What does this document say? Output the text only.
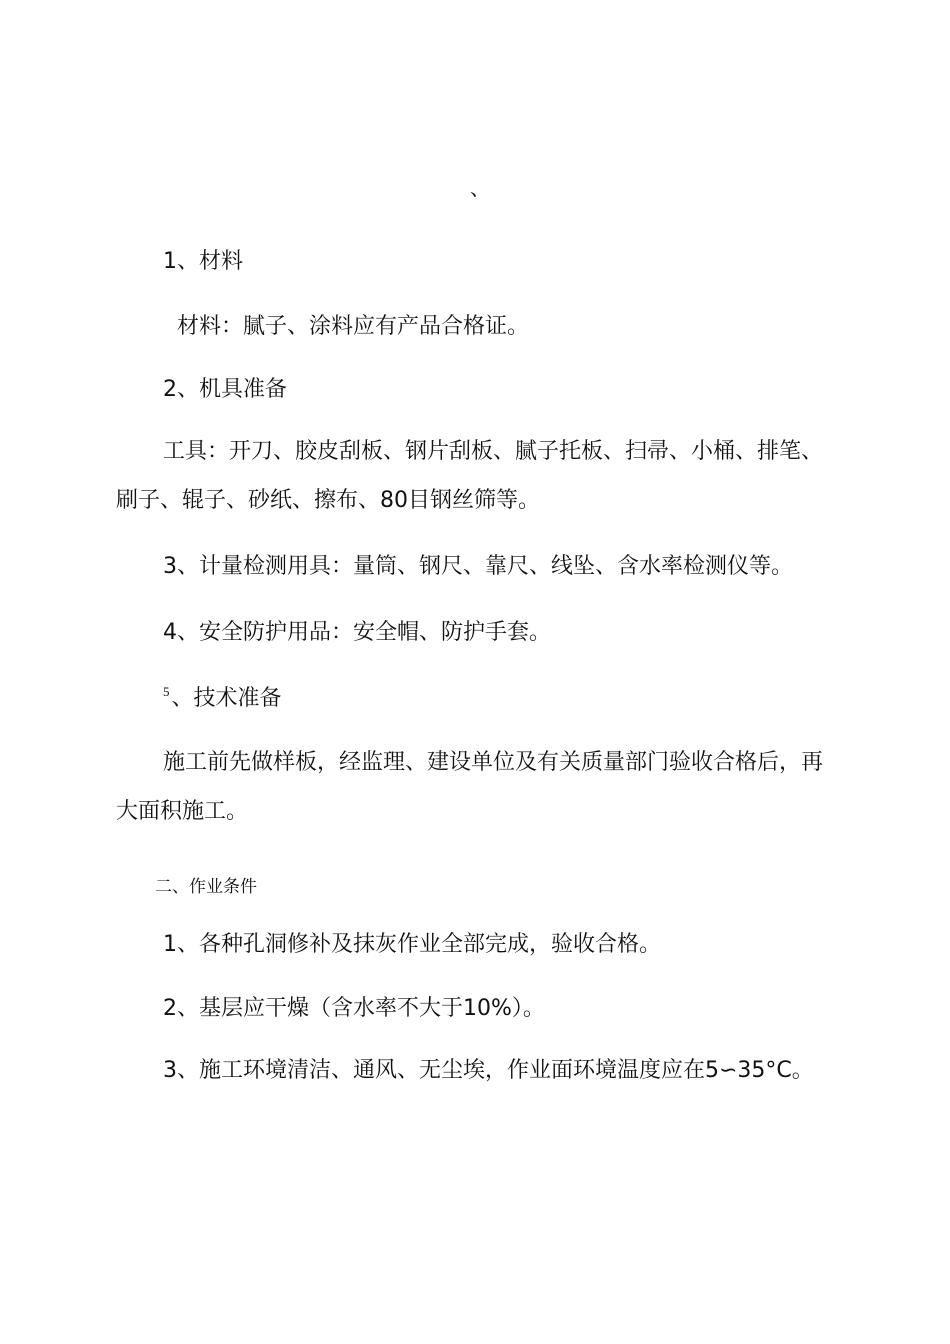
、
1、材料
材料：腻子、涂料应有产品合格证。
2、机具准备
工具：开刀、胶皮刮板、钢片刮板、腻子托板、扫帚、小桶、排笔、
刷子、辊子、砂纸、擦布、80目钢丝筛等。
3、计量检测用具：量筒、钢尺、靠尺、线坠、含水率检测仪等。
4、安全防护用品：安全帽、防护手套。
$^5$、技术准备
施工前先做样板，经监理、建设单位及有关质量部门验收合格后，再
大面积施工。
二、作业条件
1、各种孔洞修补及抹灰作业全部完成，验收合格。
2、基层应干燥（含水率不大于10%）。
3、施工环境清洁、通风、无尘埃，作业面环境温度应在5∽35°C。
